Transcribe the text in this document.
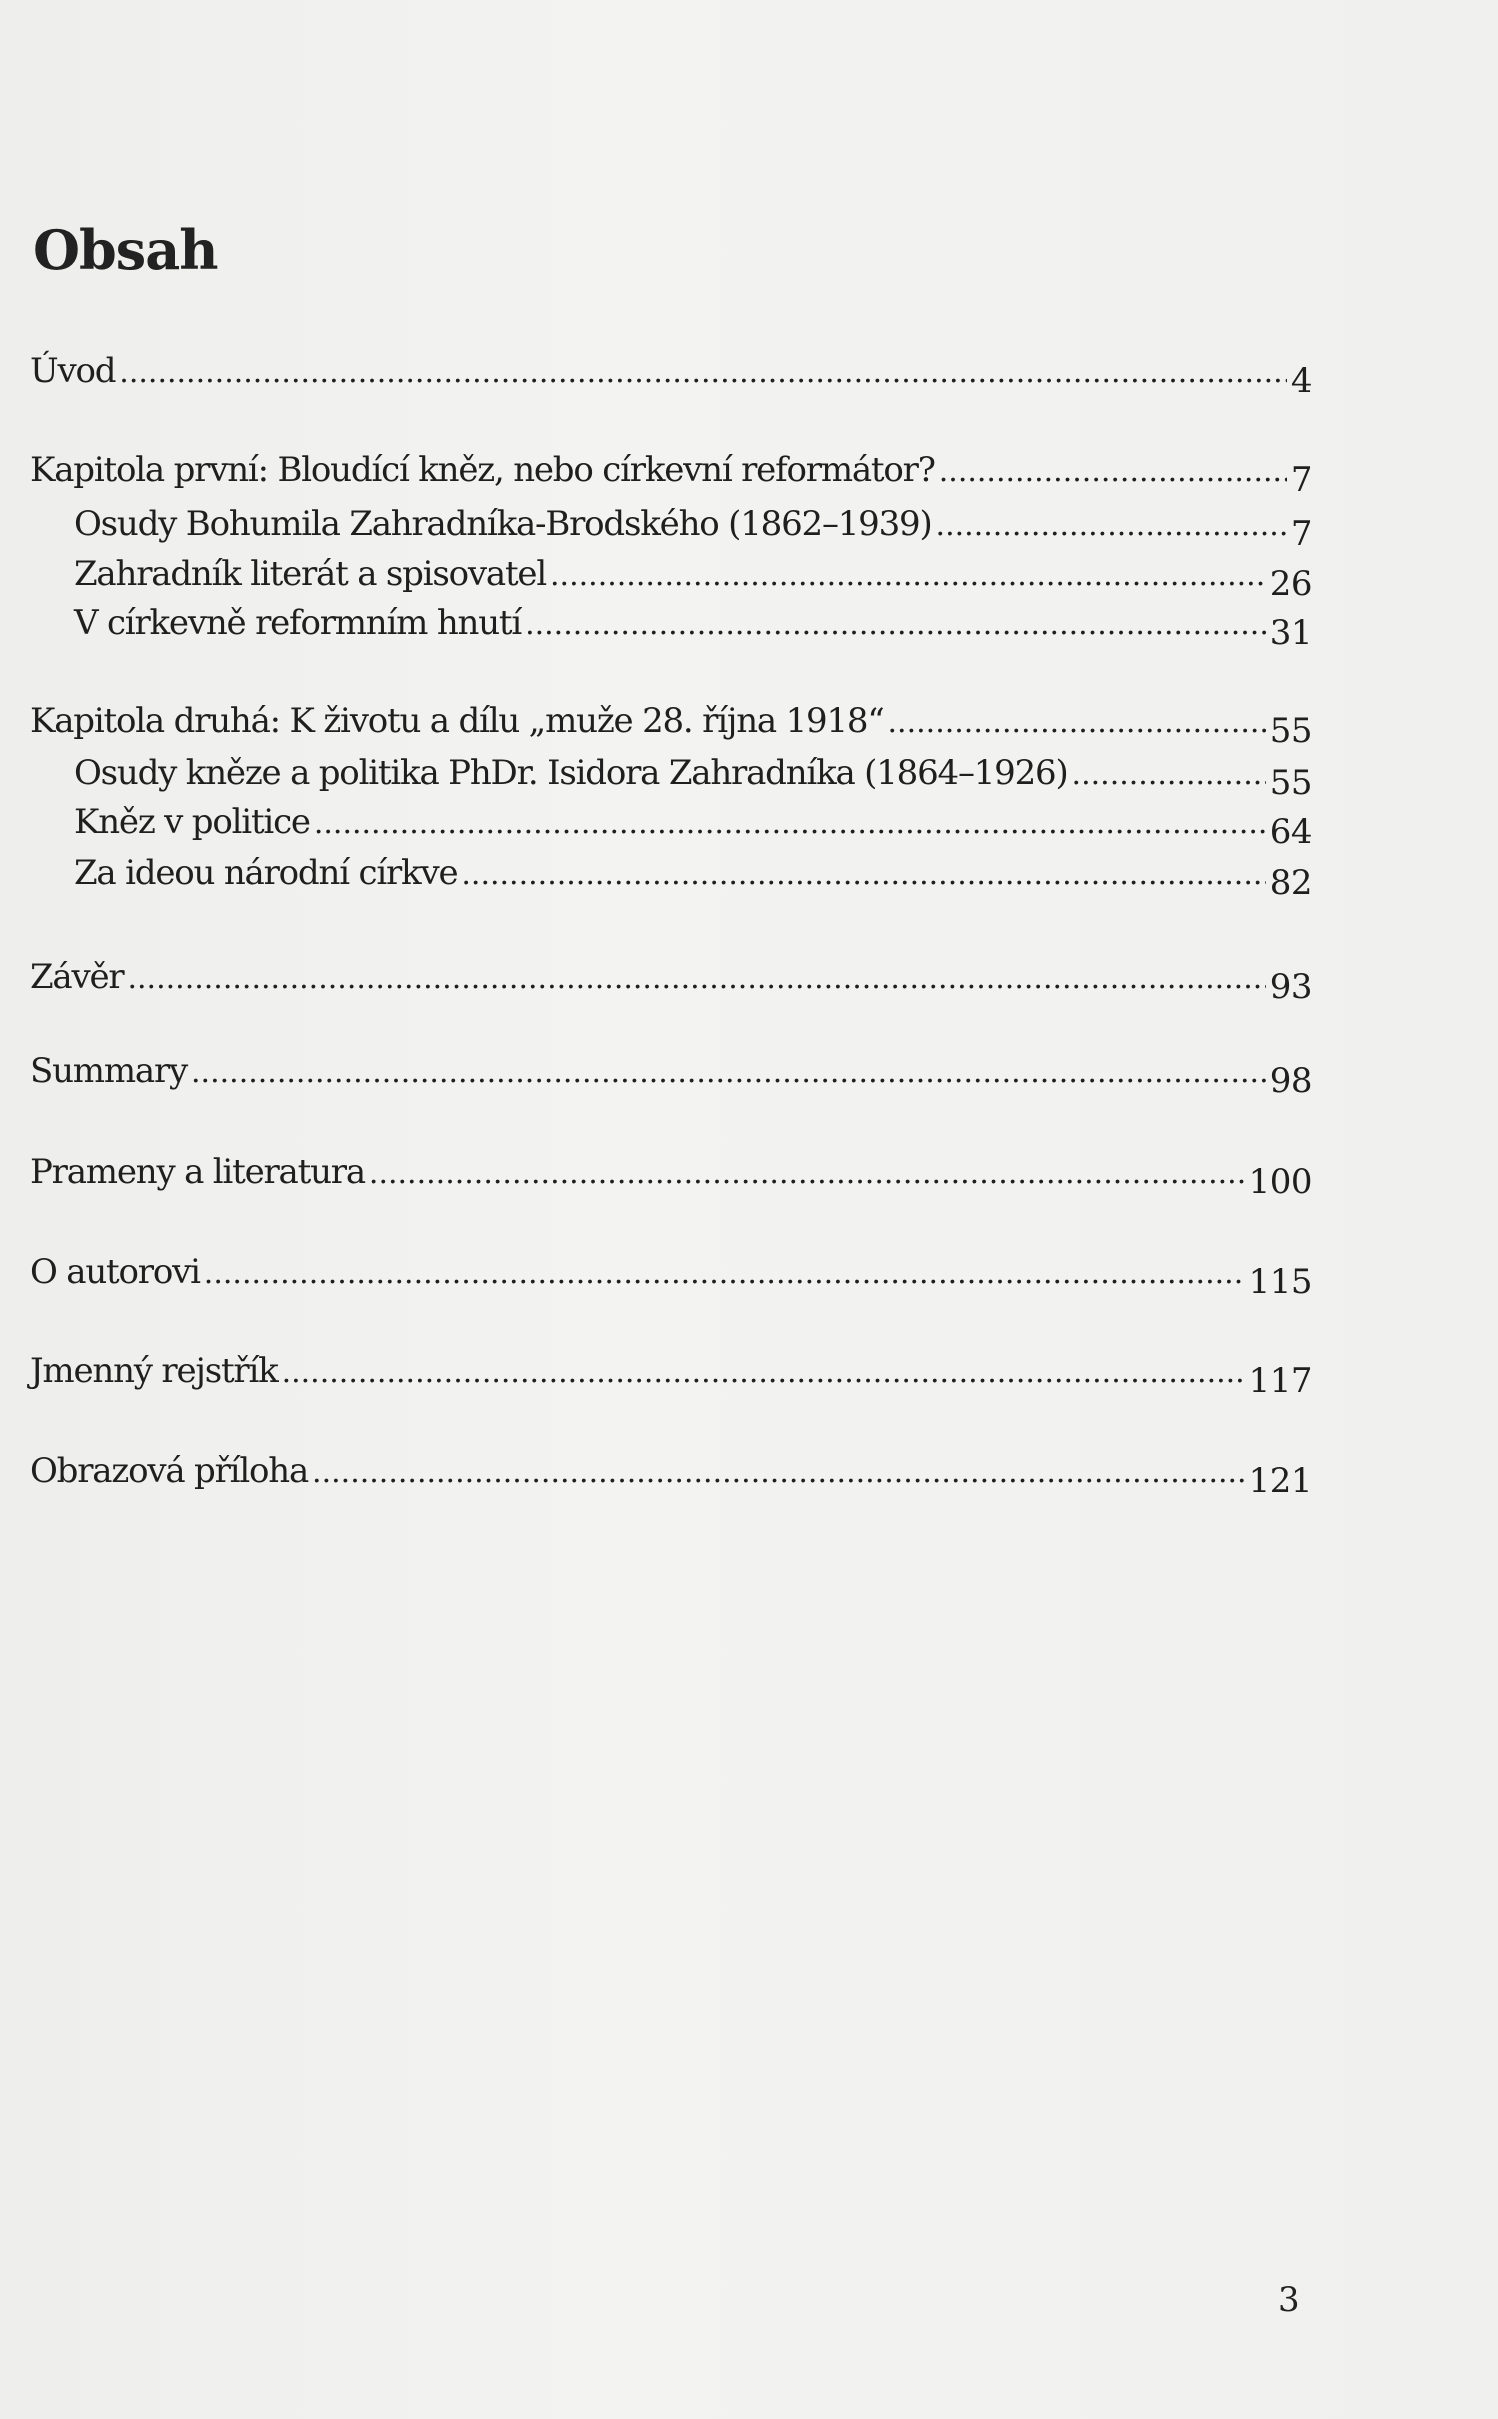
Obsah
Úvod .....	4
Kapitola první: Bloudící kněz, nebo církevní reformátor? .....	7
Osudy Bohumila Zahradníka-Brodského (1862–1939) .....	7
Zahradník literát a spisovatel .....	26
V církevně reformním hnutí .....	31
Kapitola druhá: K životu a dílu „muže 28. října 1918“ .....	55
Osudy kněze a politika PhDr. Isidora Zahradníka (1864–1926) .....	55
Kněz v politice .....	64
Za ideou národní církve .....	82
Závěr .....	93
Summary .....	98
Prameny a literatura .....	100
O autorovi .....	115
Jmenný rejstřík .....	117
Obrazová příloha .....	121
3
